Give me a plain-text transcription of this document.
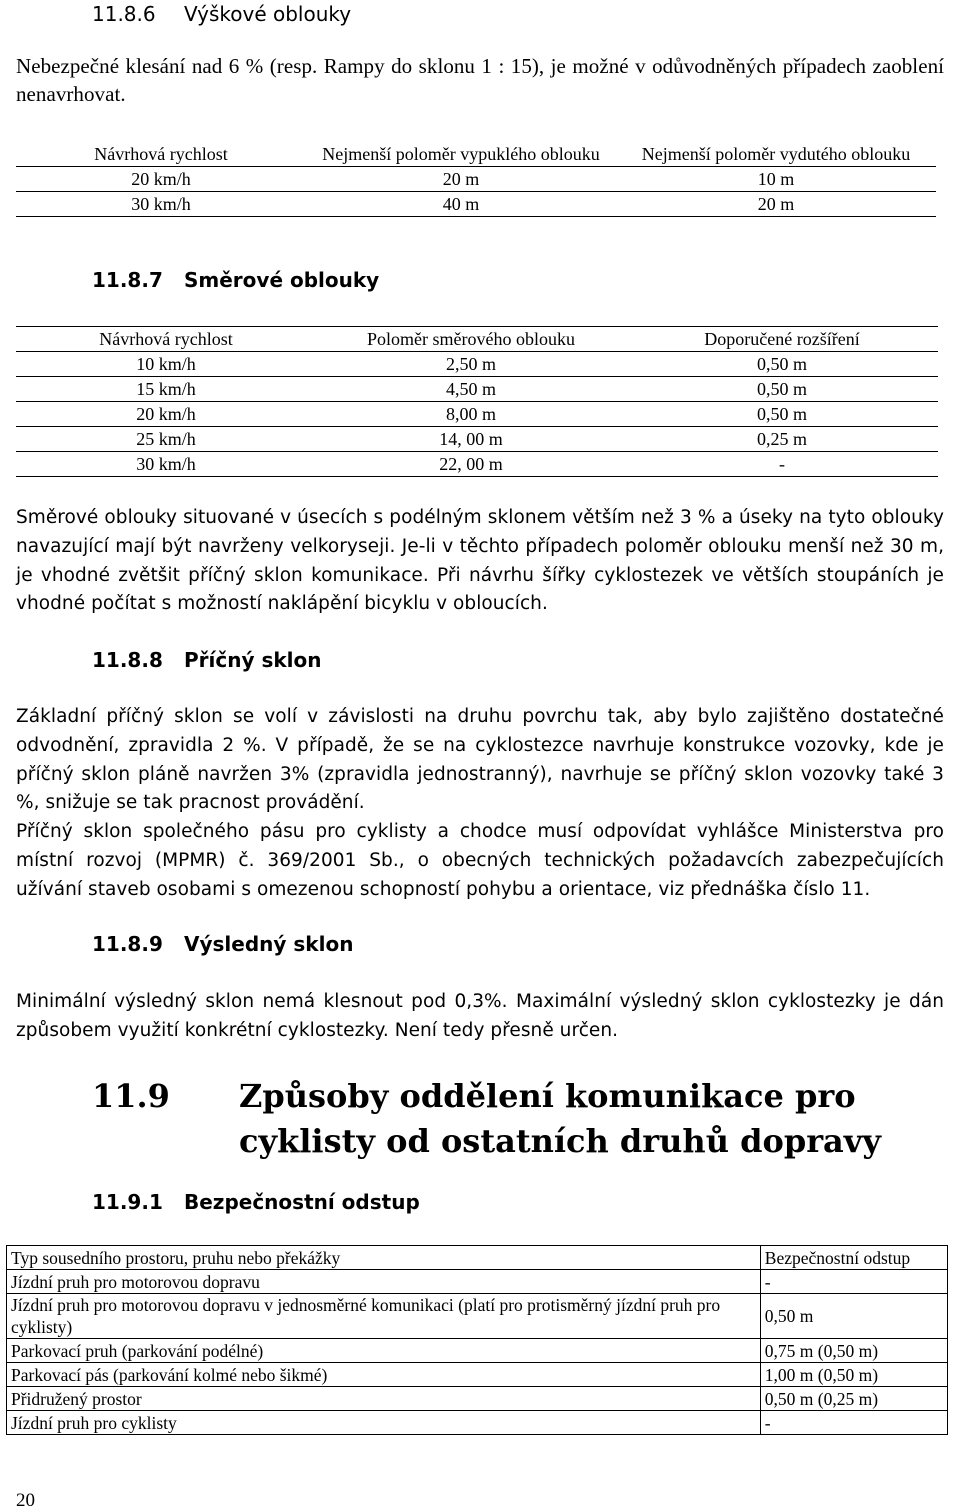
11.8.6 Výškové oblouky

Nebezpečné klesání nad 6 % (resp. Rampy do sklonu 1 : 15), je možné v odůvodněných případech zaoblení nenavrhovat.

Návrhová rychlost	Nejmenší poloměr vypuklého oblouku	Nejmenší poloměr vydutého oblouku
20 km/h	20 m	10 m
30 km/h	40 m	20 m
11.8.7 Směrové oblouky
Návrhová rychlost	Poloměr směrového oblouku	Doporučené rozšíření
10 km/h	2,50 m	0,50 m
15 km/h	4,50 m	0,50 m
20 km/h	8,00 m	0,50 m
25 km/h	14, 00 m	0,25 m
30 km/h	22, 00 m	-

Směrové oblouky situované v úsecích s podélným sklonem větším než 3 % a úseky na tyto oblouky navazující mají být navrženy velkoryseji. Je-li v těchto případech poloměr oblouku menší než 30 m, je vhodné zvětšit příčný sklon komunikace. Při návrhu šířky cyklostezek ve větších stoupáních je vhodné počítat s možností naklápění bicyklu v obloucích.

11.8.8 Příčný sklon

Základní příčný sklon se volí v závislosti na druhu povrchu tak, aby bylo zajištěno dostatečné odvodnění, zpravidla 2 %. V případě, že se na cyklostezce navrhuje konstrukce vozovky, kde je příčný sklon pláně navržen 3% (zpravidla jednostranný), navrhuje se příčný sklon vozovky také 3 %, snižuje se tak pracnost provádění.

Příčný sklon společného pásu pro cyklisty a chodce musí odpovídat vyhlášce Ministerstva pro místní rozvoj (MPMR) č. 369/2001 Sb., o obecných technických požadavcích zabezpečujících užívání staveb osobami s omezenou schopností pohybu a orientace, viz přednáška číslo 11.

11.8.9 Výsledný sklon

Minimální výsledný sklon nemá klesnout pod 0,3%. Maximální výsledný sklon cyklostezky je dán způsobem využití konkrétní cyklostezky. Není tedy přesně určen.

11.9 Způsoby oddělení komunikace pro cyklisty od ostatních druhů dopravy
11.9.1 Bezpečnostní odstup
Typ sousedního prostoru, pruhu nebo překážky	Bezpečnostní odstup
Jízdní pruh pro motorovou dopravu	-
Jízdní pruh pro motorovou dopravu v jednosměrné komunikaci (platí pro protisměrný jízdní pruh pro cyklisty)	0,50 m
Parkovací pruh (parkování podélné)	0,75 m (0,50 m)
Parkovací pás (parkování kolmé nebo šikmé)	1,00 m (0,50 m)
Přidružený prostor	0,50 m (0,25 m)
Jízdní pruh pro cyklisty	-
20
